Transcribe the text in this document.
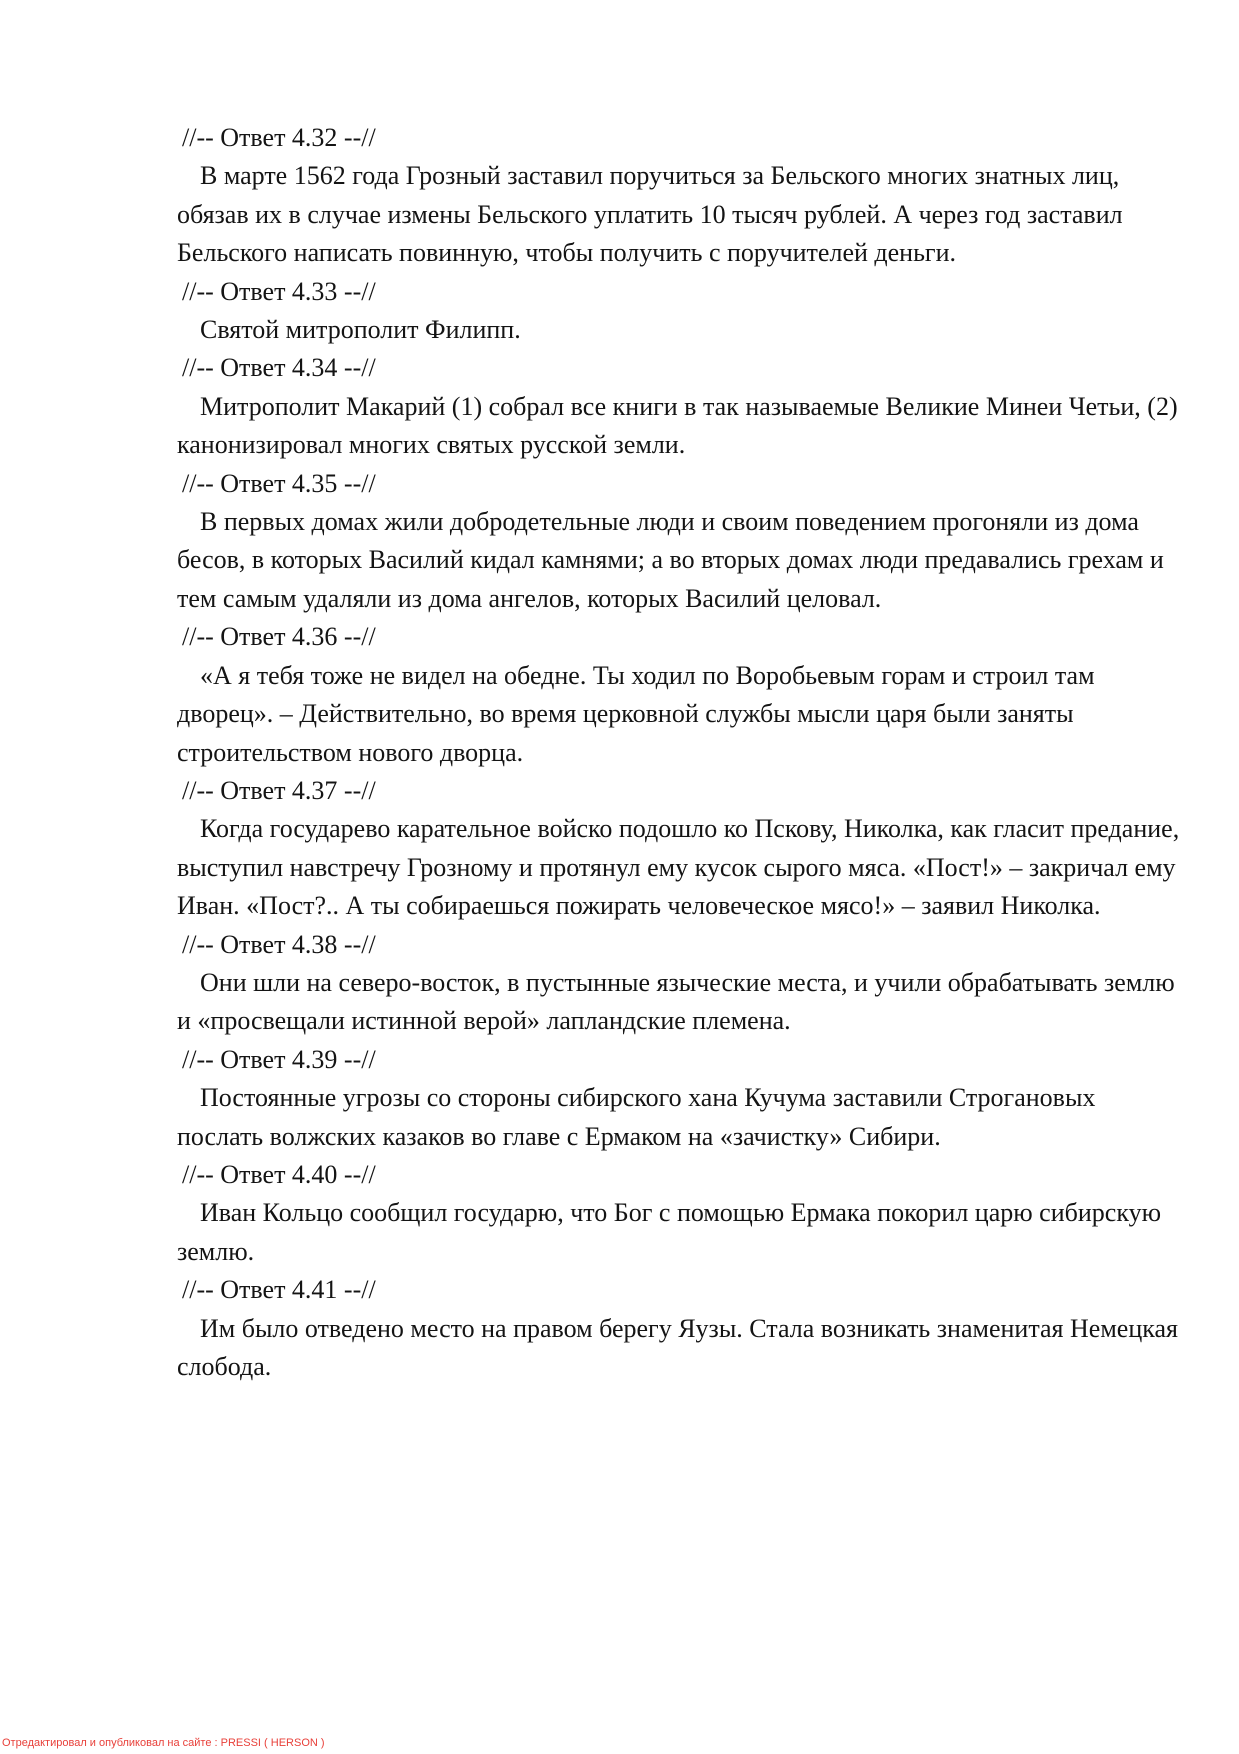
//-- Ответ 4.32 --//

В марте 1562 года Грозный заставил поручиться за Бельского многих знатных лиц, обязав их в случае измены Бельского уплатить 10 тысяч рублей. А через год заставил Бельского написать повинную, чтобы получить с поручителей деньги.

//-- Ответ 4.33 --//

Святой митрополит Филипп.

//-- Ответ 4.34 --//

Митрополит Макарий (1) собрал все книги в так называемые Великие Минеи Четьи, (2) канонизировал многих святых русской земли.

//-- Ответ 4.35 --//

В первых домах жили добродетельные люди и своим поведением прогоняли из дома бесов, в которых Василий кидал камнями; а во вторых домах люди предавались грехам и тем самым удаляли из дома ангелов, которых Василий целовал.

//-- Ответ 4.36 --//

«А я тебя тоже не видел на обедне. Ты ходил по Воробьевым горам и строил там дворец». – Действительно, во время церковной службы мысли царя были заняты строительством нового дворца.

//-- Ответ 4.37 --//

Когда государево карательное войско подошло ко Пскову, Николка, как гласит предание, выступил навстречу Грозному и протянул ему кусок сырого мяса. «Пост!» – закричал ему Иван. «Пост?.. А ты собираешься пожирать человеческое мясо!» – заявил Николка.

//-- Ответ 4.38 --//

Они шли на северо-восток, в пустынные языческие места, и учили обрабатывать землю и «просвещали истинной верой» лапландские племена.

//-- Ответ 4.39 --//

Постоянные угрозы со стороны сибирского хана Кучума заставили Строгановых послать волжских казаков во главе с Ермаком на «зачистку» Сибири.

//-- Ответ 4.40 --//

Иван Кольцо сообщил государю, что Бог с помощью Ермака покорил царю сибирскую землю.

//-- Ответ 4.41 --//

Им было отведено место на правом берегу Яузы. Стала возникать знаменитая Немецкая слобода.

Отредактировал и опубликовал на сайте : PRESSI ( HERSON )
